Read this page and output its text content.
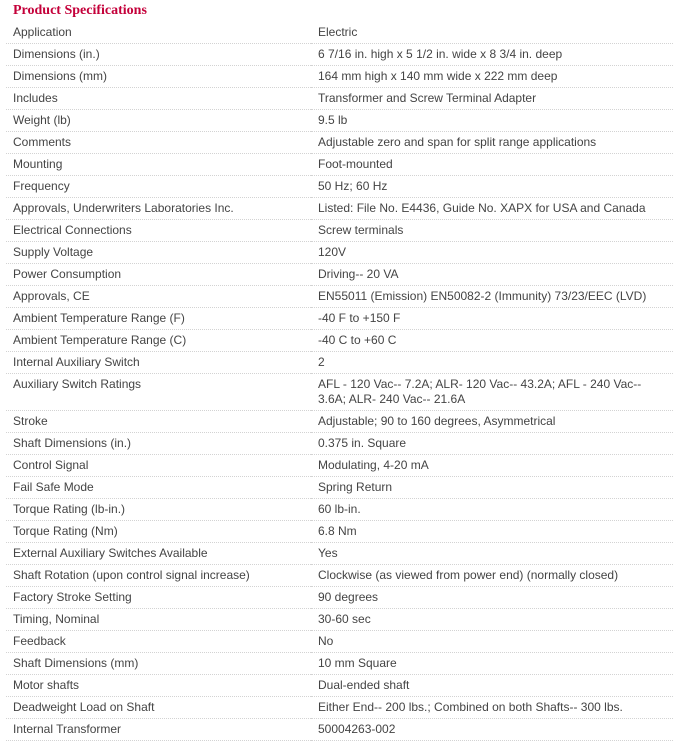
Product Specifications
Application	Electric
Dimensions (in.)	6 7/16 in. high x 5 1/2 in. wide x 8 3/4 in. deep
Dimensions (mm)	164 mm high x 140 mm wide x 222 mm deep
Includes	Transformer and Screw Terminal Adapter
Weight (lb)	9.5 lb
Comments	Adjustable zero and span for split range applications
Mounting	Foot-mounted
Frequency	50 Hz; 60 Hz
Approvals, Underwriters Laboratories Inc.	Listed: File No. E4436, Guide No. XAPX for USA and Canada
Electrical Connections	Screw terminals
Supply Voltage	120V
Power Consumption	Driving-- 20 VA
Approvals, CE	EN55011 (Emission) EN50082-2 (Immunity) 73/23/EEC (LVD)
Ambient Temperature Range (F)	-40 F to +150 F
Ambient Temperature Range (C)	-40 C to +60 C
Internal Auxiliary Switch	2
Auxiliary Switch Ratings	AFL - 120 Vac-- 7.2A; ALR- 120 Vac-- 43.2A; AFL - 240 Vac-- 3.6A; ALR- 240 Vac-- 21.6A
Stroke	Adjustable; 90 to 160 degrees, Asymmetrical
Shaft Dimensions (in.)	0.375 in. Square
Control Signal	Modulating, 4-20 mA
Fail Safe Mode	Spring Return
Torque Rating (lb-in.)	60 lb-in.
Torque Rating (Nm)	6.8 Nm
External Auxiliary Switches Available	Yes
Shaft Rotation (upon control signal increase)	Clockwise (as viewed from power end) (normally closed)
Factory Stroke Setting	90 degrees
Timing, Nominal	30-60 sec
Feedback	No
Shaft Dimensions (mm)	10 mm Square
Motor shafts	Dual-ended shaft
Deadweight Load on Shaft	Either End-- 200 lbs.; Combined on both Shafts-- 300 lbs.
Internal Transformer	50004263-002
